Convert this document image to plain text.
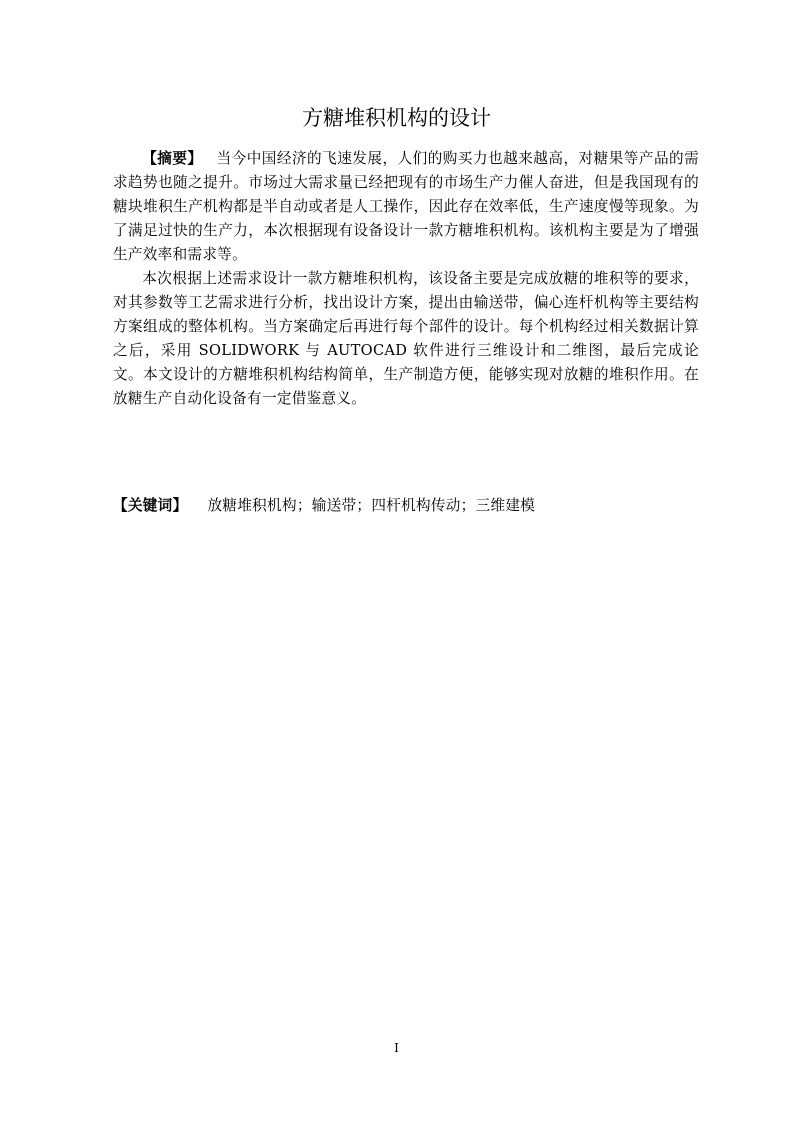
方糖堆积机构的设计

【摘要】 当今中国经济的飞速发展，人们的购买力也越来越高，对糖果等产品的需求趋势也随之提升。市场过大需求量已经把现有的市场生产力催人奋进，但是我国现有的糖块堆积生产机构都是半自动或者是人工操作，因此存在效率低，生产速度慢等现象。为了满足过快的生产力，本次根据现有设备设计一款方糖堆积机构。该机构主要是为了增强生产效率和需求等。

本次根据上述需求设计一款方糖堆积机构，该设备主要是完成放糖的堆积等的要求，对其参数等工艺需求进行分析，找出设计方案，提出由输送带，偏心连杆机构等主要结构方案组成的整体机构。当方案确定后再进行每个部件的设计。每个机构经过相关数据计算之后，采用 SOLIDWORK 与 AUTOCAD 软件进行三维设计和二维图，最后完成论文。本文设计的方糖堆积机构结构简单，生产制造方便，能够实现对放糖的堆积作用。在放糖生产自动化设备有一定借鉴意义。

【关键词】 放糖堆积机构；输送带；四杆机构传动；三维建模

I
